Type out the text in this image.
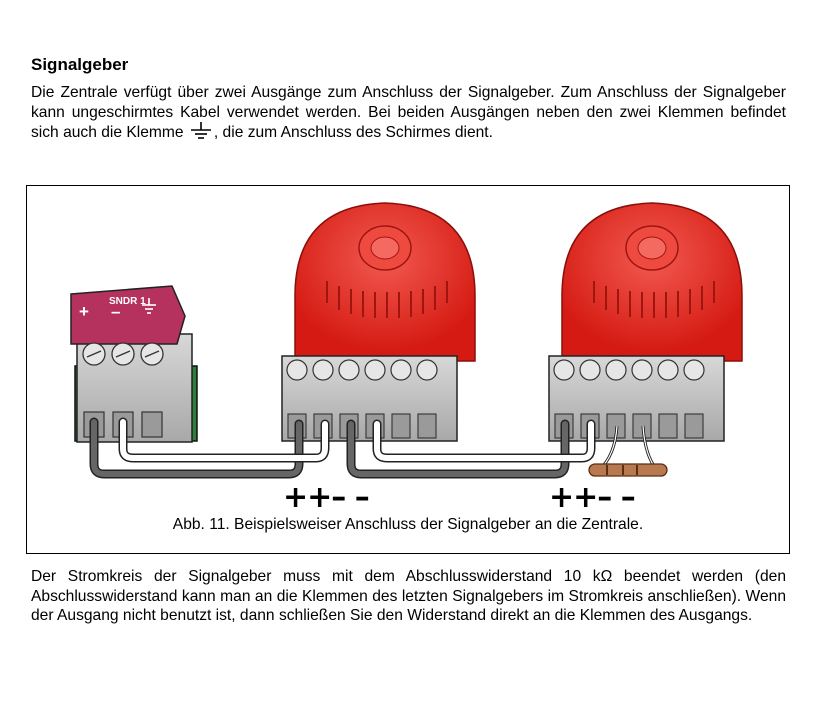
Signalgeber

Die Zentrale verfügt über zwei Ausgänge zum Anschluss der Signalgeber. Zum Anschluss der Signalgeber kann ungeschirmtes Kabel verwendet werden. Bei beiden Ausgängen neben den zwei Klemmen befindet sich auch die Klemme , die zum Anschluss des Schirmes dient.

SNDR 1
+ –
++– –	++– –

Abb. 11. Beispielsweiser Anschluss der Signalgeber an die Zentrale.

Der Stromkreis der Signalgeber muss mit dem Abschlusswiderstand 10 kΩ beendet werden (den Abschlusswiderstand kann man an die Klemmen des letzten Signalgebers im Stromkreis anschließen). Wenn der Ausgang nicht benutzt ist, dann schließen Sie den Widerstand direkt an die Klemmen des Ausgangs.
